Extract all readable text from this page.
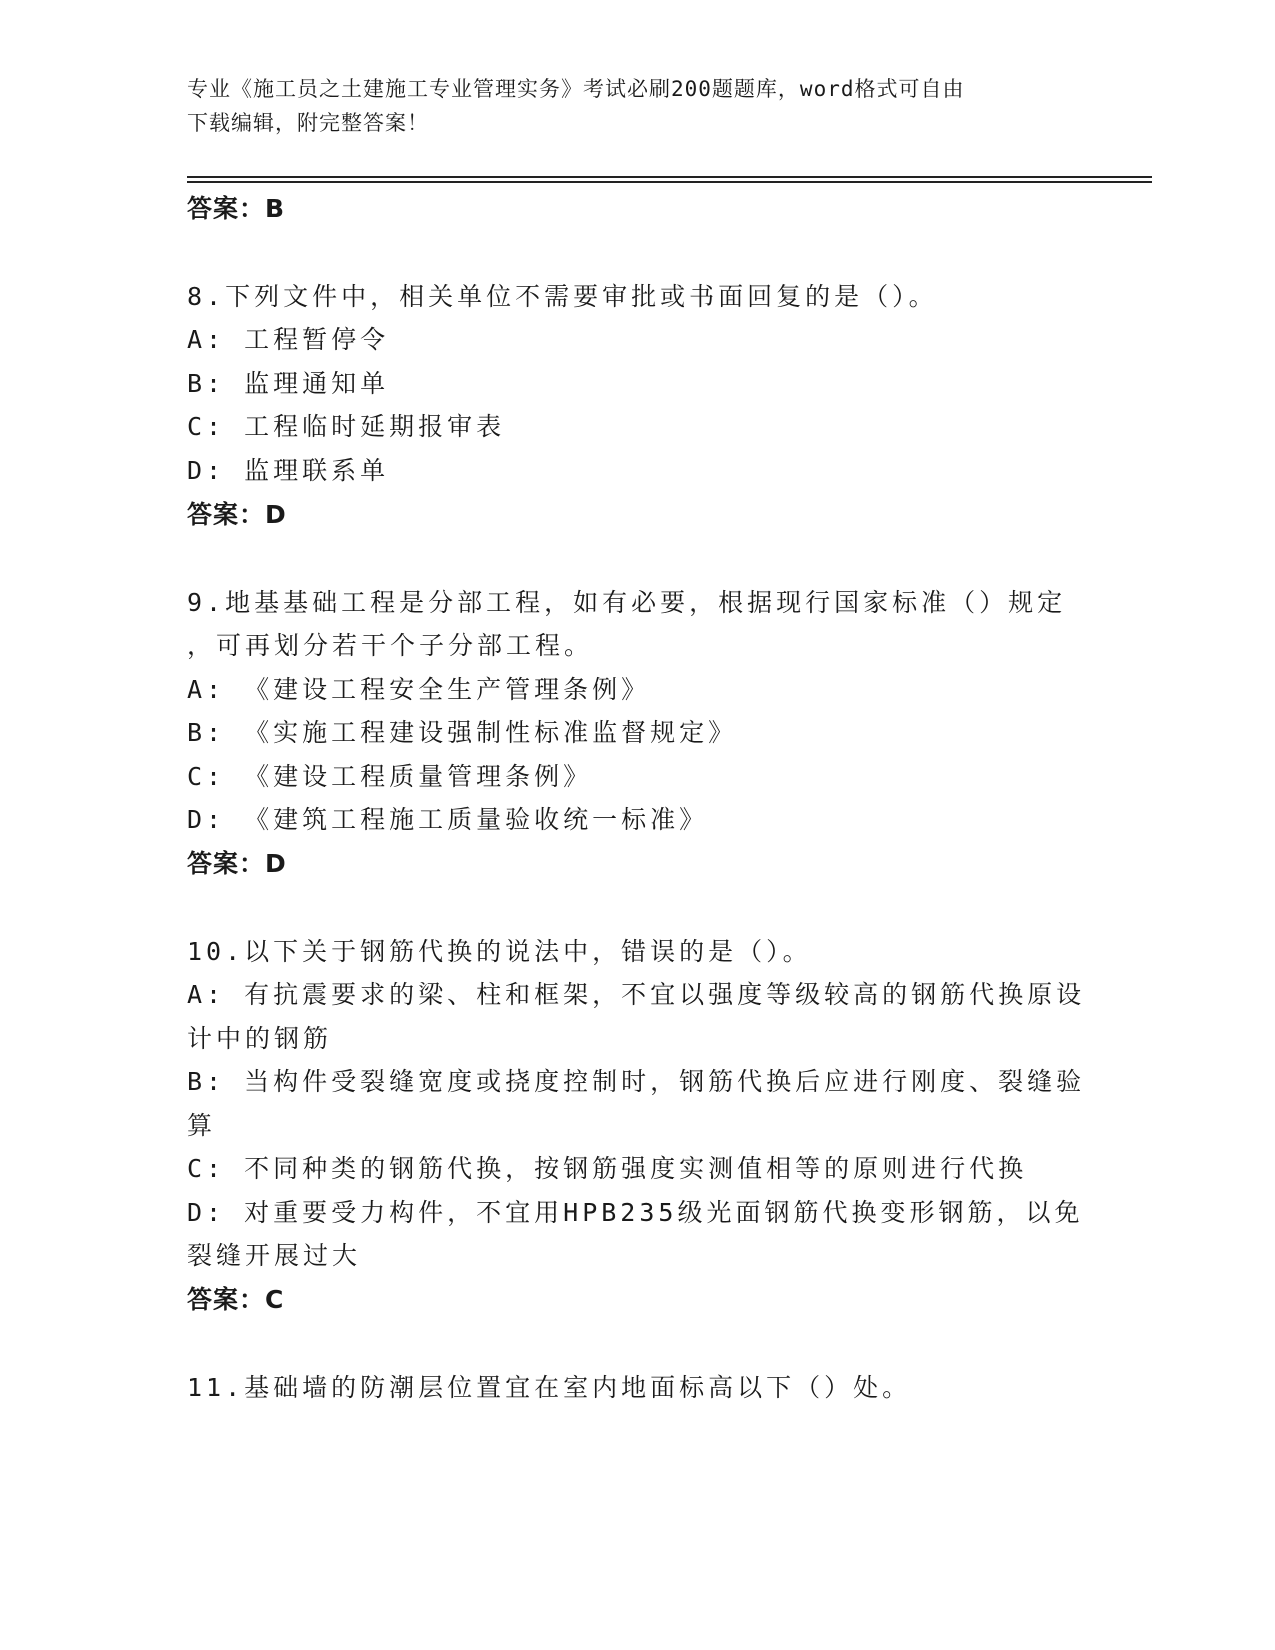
专业《施工员之土建施工专业管理实务》考试必刷200题题库，word格式可自由
下载编辑，附完整答案！
答案：B
8.下列文件中，相关单位不需要审批或书面回复的是（）。
A: 工程暂停令
B: 监理通知单
C: 工程临时延期报审表
D: 监理联系单
答案：D
9.地基基础工程是分部工程，如有必要，根据现行国家标准（）规定
，可再划分若干个子分部工程。
A: 《建设工程安全生产管理条例》
B: 《实施工程建设强制性标准监督规定》
C: 《建设工程质量管理条例》
D: 《建筑工程施工质量验收统一标准》
答案：D
10.以下关于钢筋代换的说法中，错误的是（）。
A: 有抗震要求的梁、柱和框架，不宜以强度等级较高的钢筋代换原设
计中的钢筋
B: 当构件受裂缝宽度或挠度控制时，钢筋代换后应进行刚度、裂缝验
算
C: 不同种类的钢筋代换，按钢筋强度实测值相等的原则进行代换
D: 对重要受力构件，不宜用HPB235级光面钢筋代换变形钢筋，以免
裂缝开展过大
答案：C
11.基础墙的防潮层位置宜在室内地面标高以下（）处。
